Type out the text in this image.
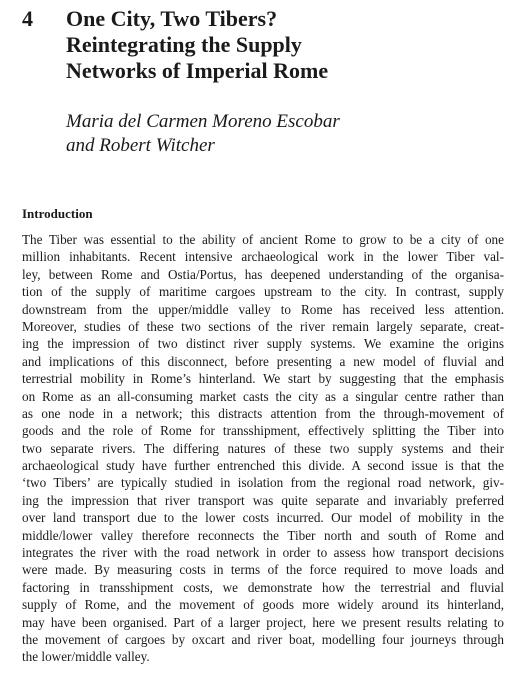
4 One City, Two Tibers?
Reintegrating the Supply
Networks of Imperial Rome
Maria del Carmen Moreno Escobar
and Robert Witcher
Introduction
The Tiber was essential to the ability of ancient Rome to grow to be a city of one
million inhabitants. Recent intensive archaeological work in the lower Tiber val-
ley, between Rome and Ostia/Portus, has deepened understanding of the organisa-
tion of the supply of maritime cargoes upstream to the city. In contrast, supply
downstream from the upper/middle valley to Rome has received less attention.
Moreover, studies of these two sections of the river remain largely separate, creat-
ing the impression of two distinct river supply systems. We examine the origins
and implications of this disconnect, before presenting a new model of fluvial and
terrestrial mobility in Rome’s hinterland. We start by suggesting that the emphasis
on Rome as an all-consuming market casts the city as a singular centre rather than
as one node in a network; this distracts attention from the through-movement of
goods and the role of Rome for transshipment, effectively splitting the Tiber into
two separate rivers. The differing natures of these two supply systems and their
archaeological study have further entrenched this divide. A second issue is that the
‘two Tibers’ are typically studied in isolation from the regional road network, giv-
ing the impression that river transport was quite separate and invariably preferred
over land transport due to the lower costs incurred. Our model of mobility in the
middle/lower valley therefore reconnects the Tiber north and south of Rome and
integrates the river with the road network in order to assess how transport decisions
were made. By measuring costs in terms of the force required to move loads and
factoring in transshipment costs, we demonstrate how the terrestrial and fluvial
supply of Rome, and the movement of goods more widely around its hinterland,
may have been organised. Part of a larger project, here we present results relating to
the movement of cargoes by oxcart and river boat, modelling four journeys through
the lower/middle valley.
